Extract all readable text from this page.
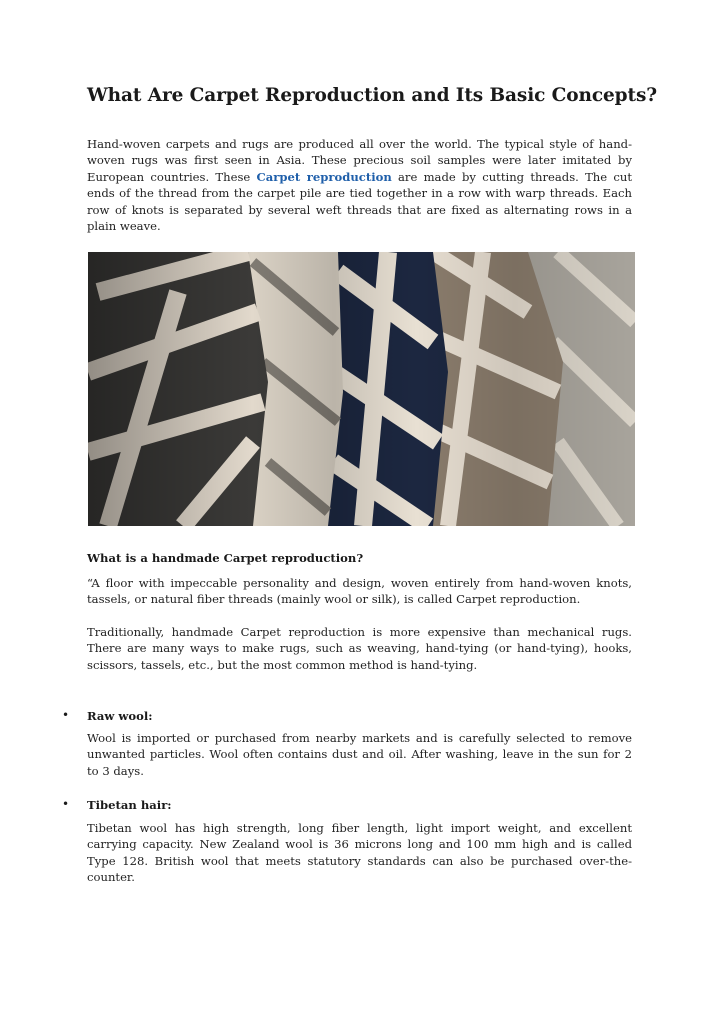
What Are Carpet Reproduction and Its Basic Concepts?

Hand-woven carpets and rugs are produced all over the world. The typical style of hand-woven rugs was first seen in Asia. These precious soil samples were later imitated by European countries. These Carpet reproduction are made by cutting threads. The cut ends of the thread from the carpet pile are tied together in a row with warp threads. Each row of knots is separated by several weft threads that are fixed as alternating rows in a plain weave.

What is a handmade Carpet reproduction?

“A floor with impeccable personality and design, woven entirely from hand-woven knots, tassels, or natural fiber threads (mainly wool or silk), is called Carpet reproduction.

Traditionally, handmade Carpet reproduction is more expensive than mechanical rugs. There are many ways to make rugs, such as weaving, hand-tying (or hand-tying), hooks, scissors, tassels, etc., but the most common method is hand-tying.

• Raw wool:

Wool is imported or purchased from nearby markets and is carefully selected to remove unwanted particles. Wool often contains dust and oil. After washing, leave in the sun for 2 to 3 days.

• Tibetan hair:

Tibetan wool has high strength, long fiber length, light import weight, and excellent carrying capacity. New Zealand wool is 36 microns long and 100 mm high and is called Type 128. British wool that meets statutory standards can also be purchased over-the-counter.
